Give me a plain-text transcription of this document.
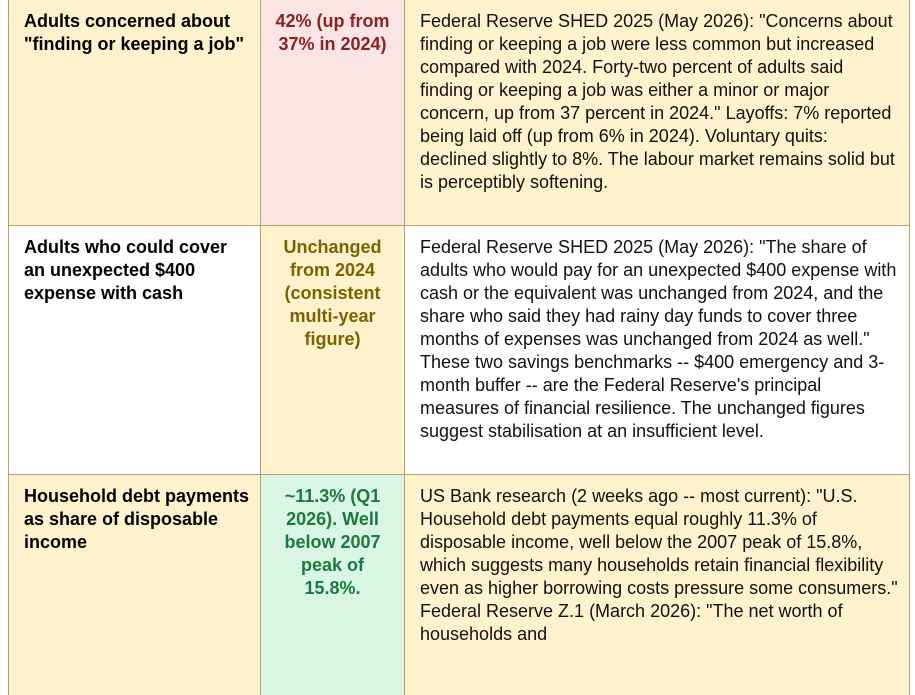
Adults concerned about "finding or keeping a job"	42% (up from 37% in 2024)	Federal Reserve SHED 2025 (May 2026): "Concerns about finding or keeping a job were less common but increased compared with 2024. Forty-two percent of adults said finding or keeping a job was either a minor or major concern, up from 37 percent in 2024." Layoffs: 7% reported being laid off (up from 6% in 2024). Voluntary quits: declined slightly to 8%. The labour market remains solid but is perceptibly softening.
Adults who could cover an unexpected $400 expense with cash	Unchanged from 2024 (consistent multi-year figure)	Federal Reserve SHED 2025 (May 2026): "The share of adults who would pay for an unexpected $400 expense with cash or the equivalent was unchanged from 2024, and the share who said they had rainy day funds to cover three months of expenses was unchanged from 2024 as well." These two savings benchmarks -- $400 emergency and 3-month buffer -- are the Federal Reserve's principal measures of financial resilience. The unchanged figures suggest stabilisation at an insufficient level.
Household debt payments as share of disposable income	~11.3% (Q1 2026). Well below 2007 peak of 15.8%.	US Bank research (2 weeks ago -- most current): "U.S. Household debt payments equal roughly 11.3% of disposable income, well below the 2007 peak of 15.8%, which suggests many households retain financial flexibility even as higher borrowing costs pressure some consumers." Federal Reserve Z.1 (March 2026): "The net worth of households and
